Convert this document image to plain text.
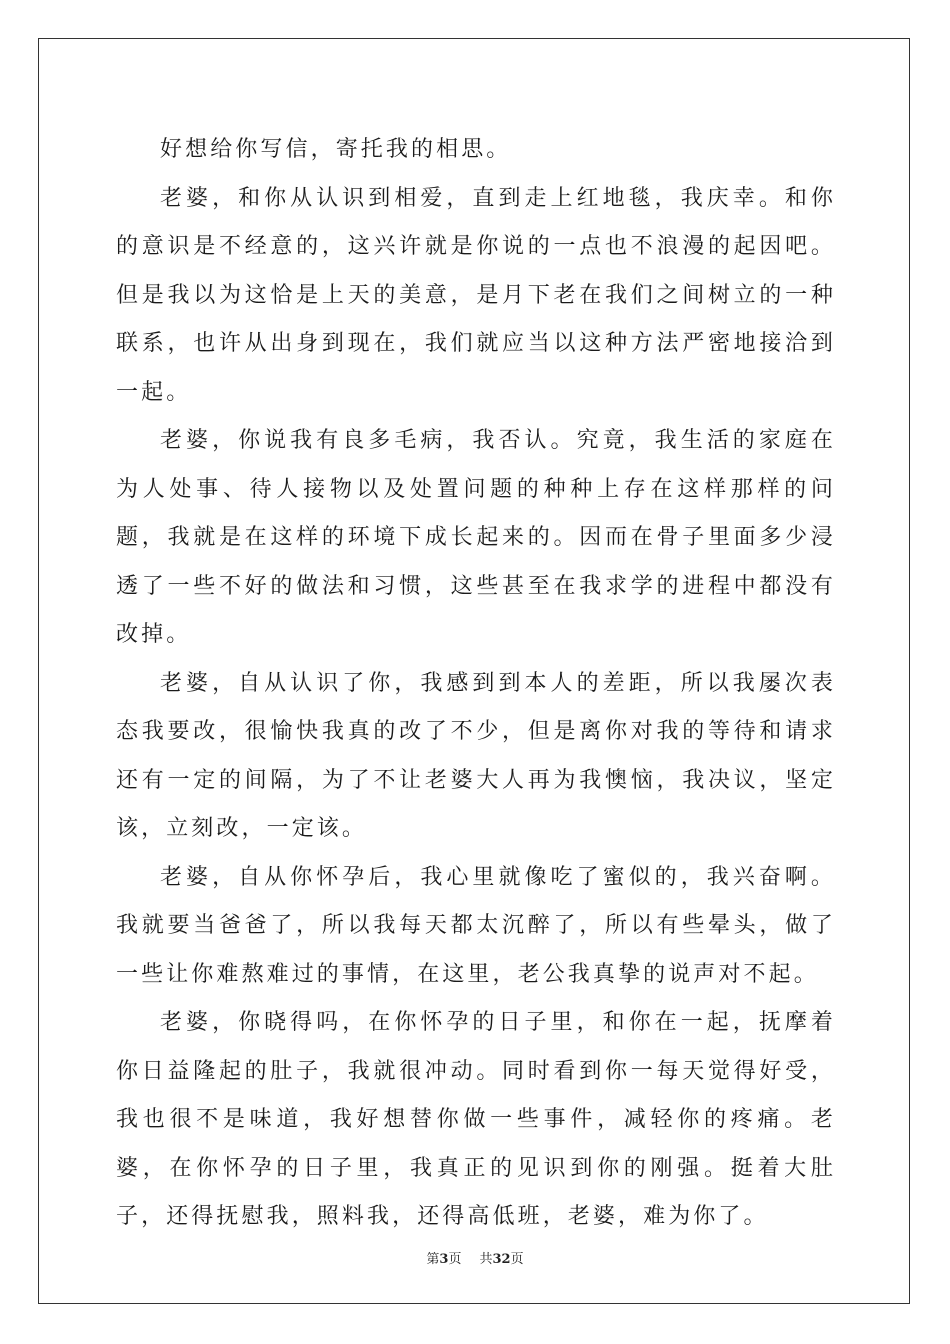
好想给你写信，寄托我的相思。

老婆，和你从认识到相爱，直到走上红地毯，我庆幸。和你的意识是不经意的，这兴许就是你说的一点也不浪漫的起因吧。但是我以为这恰是上天的美意，是月下老在我们之间树立的一种联系，也许从出身到现在，我们就应当以这种方法严密地接洽到一起。

老婆，你说我有良多毛病，我否认。究竟，我生活的家庭在为人处事、待人接物以及处置问题的种种上存在这样那样的问题，我就是在这样的环境下成长起来的。因而在骨子里面多少浸透了一些不好的做法和习惯，这些甚至在我求学的进程中都没有改掉。

老婆，自从认识了你，我感到到本人的差距，所以我屡次表态我要改，很愉快我真的改了不少，但是离你对我的等待和请求还有一定的间隔，为了不让老婆大人再为我懊恼，我决议，坚定该，立刻改，一定该。

老婆，自从你怀孕后，我心里就像吃了蜜似的，我兴奋啊。我就要当爸爸了，所以我每天都太沉醉了，所以有些晕头，做了一些让你难熬难过的事情，在这里，老公我真挚的说声对不起。

老婆，你晓得吗，在你怀孕的日子里，和你在一起，抚摩着你日益隆起的肚子，我就很冲动。同时看到你一每天觉得好受，我也很不是味道，我好想替你做一些事件，减轻你的疼痛。老婆，在你怀孕的日子里，我真正的见识到你的刚强。挺着大肚子，还得抚慰我，照料我，还得高低班，老婆，难为你了。

第3页 共32页
